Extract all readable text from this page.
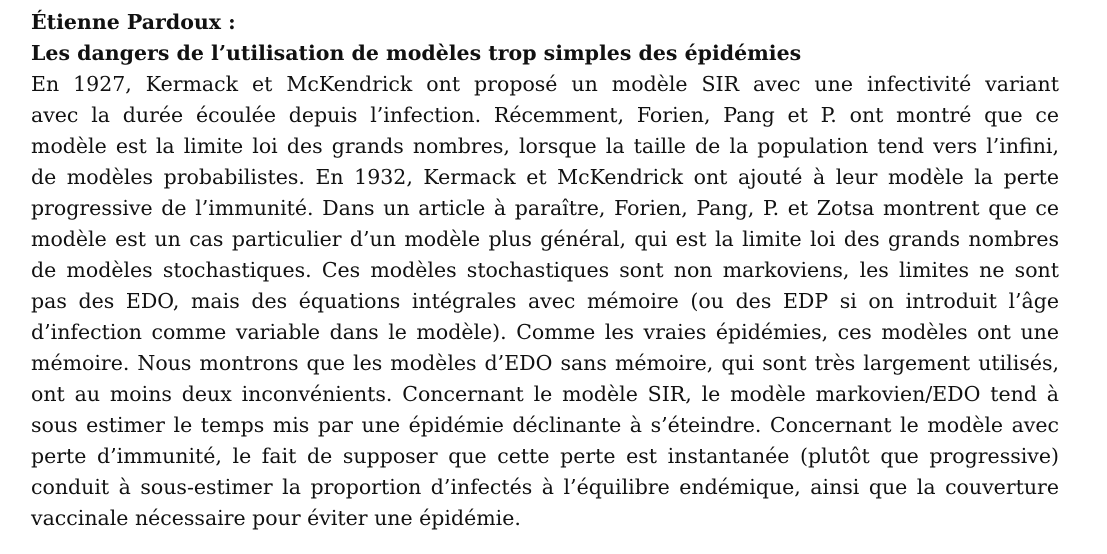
Étienne Pardoux :

Les dangers de l’utilisation de modèles trop simples des épidémies

En 1927, Kermack et McKendrick ont proposé un modèle SIR avec une infectivité variant

avec la durée écoulée depuis l’infection. Récemment, Forien, Pang et P. ont montré que ce

modèle est la limite loi des grands nombres, lorsque la taille de la population tend vers l’infini,

de modèles probabilistes. En 1932, Kermack et McKendrick ont ajouté à leur modèle la perte

progressive de l’immunité. Dans un article à paraître, Forien, Pang, P. et Zotsa montrent que ce

modèle est un cas particulier d’un modèle plus général, qui est la limite loi des grands nombres

de modèles stochastiques. Ces modèles stochastiques sont non markoviens, les limites ne sont

pas des EDO, mais des équations intégrales avec mémoire (ou des EDP si on introduit l’âge

d’infection comme variable dans le modèle). Comme les vraies épidémies, ces modèles ont une

mémoire. Nous montrons que les modèles d’EDO sans mémoire, qui sont très largement utilisés,

ont au moins deux inconvénients. Concernant le modèle SIR, le modèle markovien/EDO tend à

sous estimer le temps mis par une épidémie déclinante à s’éteindre. Concernant le modèle avec

perte d’immunité, le fait de supposer que cette perte est instantanée (plutôt que progressive)

conduit à sous-estimer la proportion d’infectés à l’équilibre endémique, ainsi que la couverture

vaccinale nécessaire pour éviter une épidémie.
